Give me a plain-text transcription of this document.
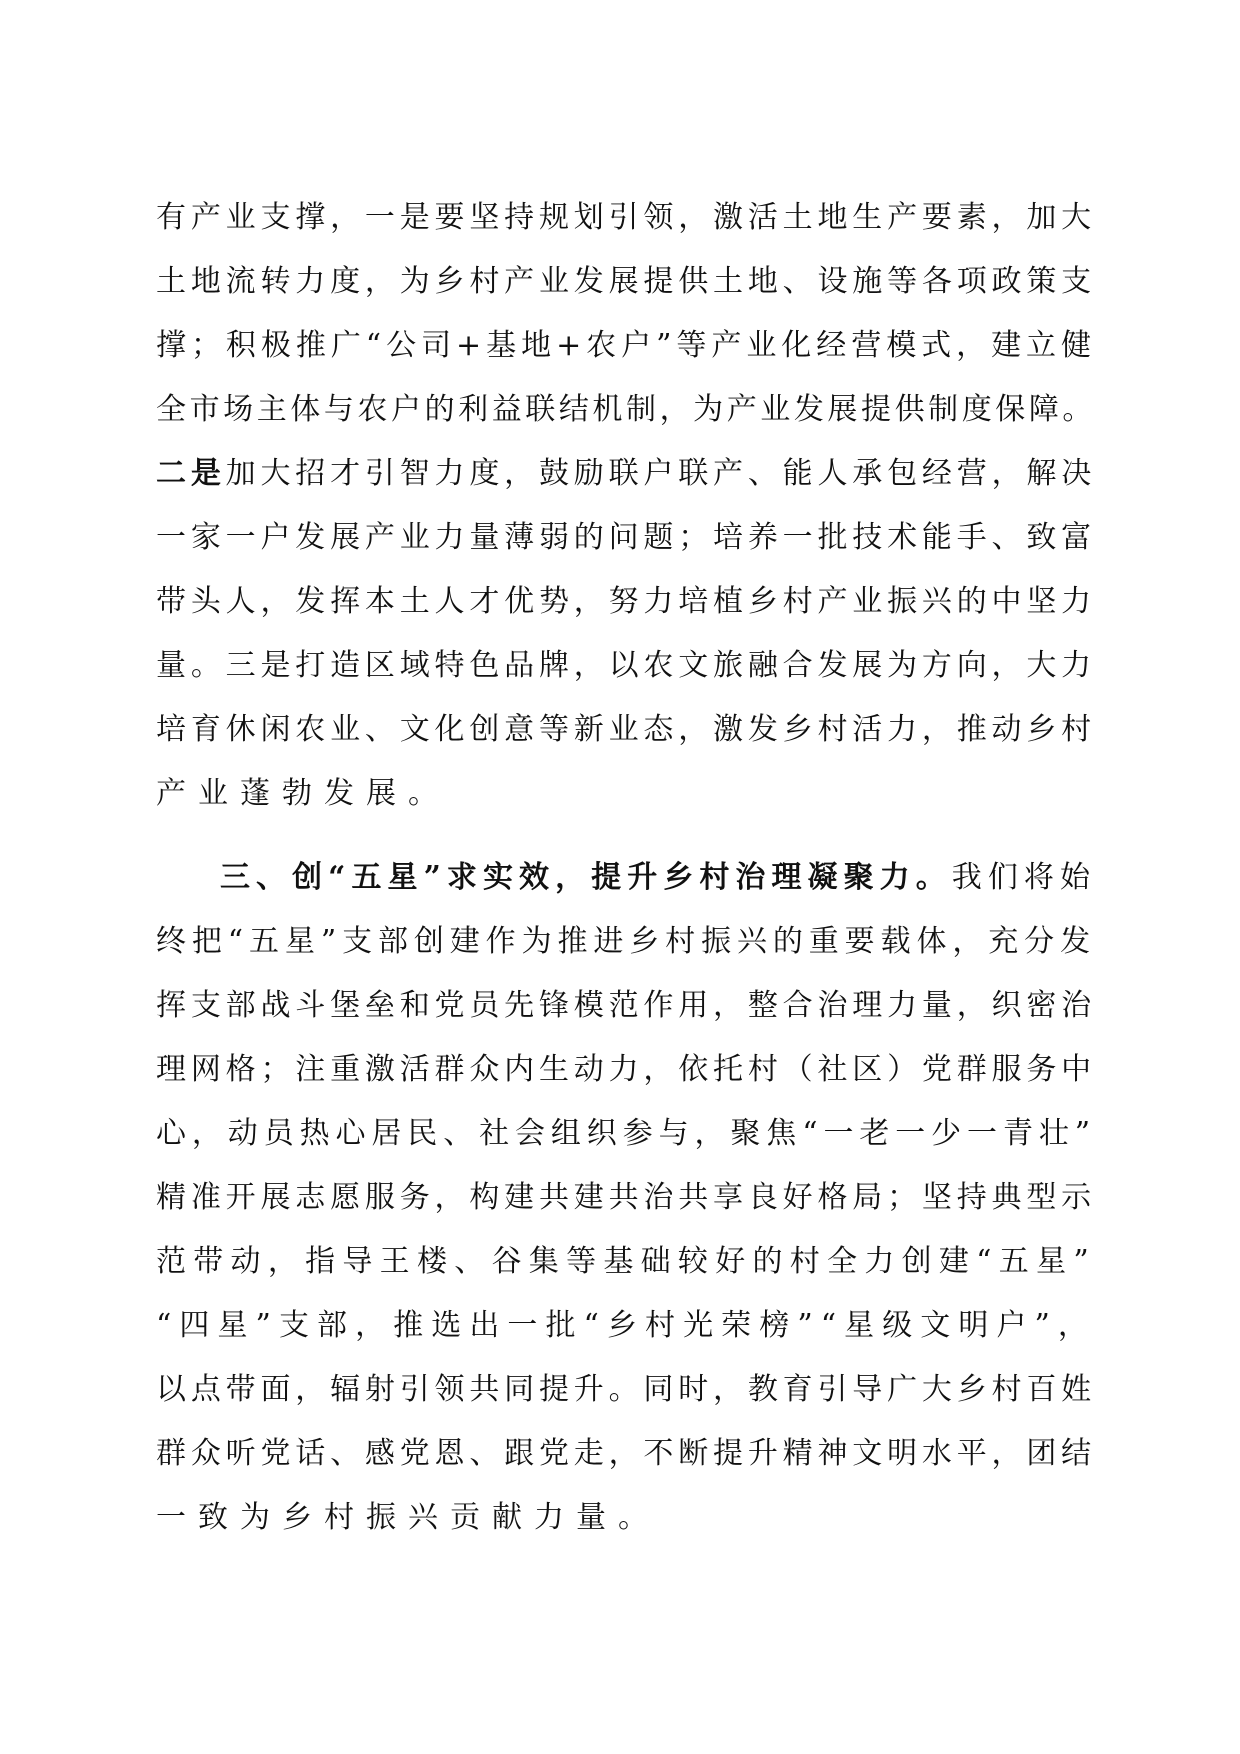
有产业支撑，一是要坚持规划引领，激活土地生产要素，加大

土地流转力度，为乡村产业发展提供土地、设施等各项政策支

撑；积极推广“公司+基地+农户”等产业化经营模式，建立健

全市场主体与农户的利益联结机制，为产业发展提供制度保障。

二是加大招才引智力度，鼓励联户联产、能人承包经营，解决

一家一户发展产业力量薄弱的问题；培养一批技术能手、致富

带头人，发挥本土人才优势，努力培植乡村产业振兴的中坚力

量。三是打造区域特色品牌，以农文旅融合发展为方向，大力

培育休闲农业、文化创意等新业态，激发乡村活力，推动乡村

产业蓬勃发展。

三、创“五星”求实效，提升乡村治理凝聚力。我们将始

终把“五星”支部创建作为推进乡村振兴的重要载体，充分发

挥支部战斗堡垒和党员先锋模范作用，整合治理力量，织密治

理网格；注重激活群众内生动力，依托村（社区）党群服务中

心，动员热心居民、社会组织参与，聚焦“一老一少一青壮”

精准开展志愿服务，构建共建共治共享良好格局；坚持典型示

范带动，指导王楼、谷集等基础较好的村全力创建“五星”

“四星”支部，推选出一批“乡村光荣榜”“星级文明户”，

以点带面，辐射引领共同提升。同时，教育引导广大乡村百姓

群众听党话、感党恩、跟党走，不断提升精神文明水平，团结

一致为乡村振兴贡献力量。
